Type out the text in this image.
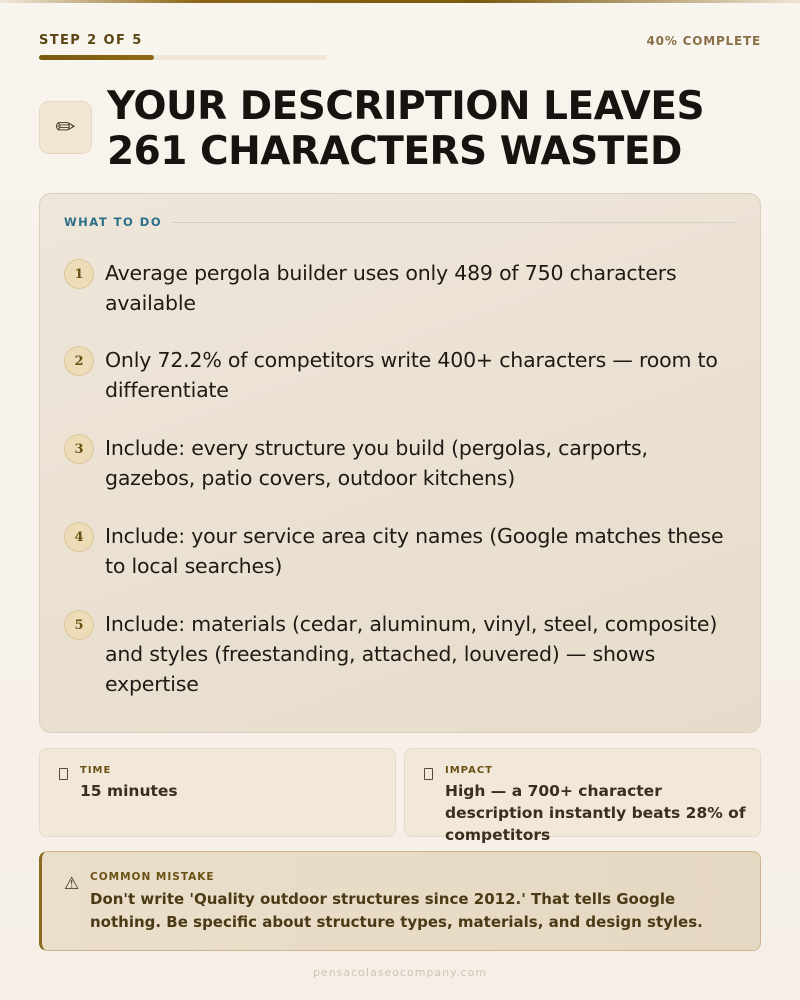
STEP 2 OF 5	40% COMPLETE
✏ YOUR DESCRIPTION LEAVES 261 CHARACTERS WASTED
WHAT TO DO
1	Average pergola builder uses only 489 of 750 characters available
2	Only 72.2% of competitors write 400+ characters — room to differentiate
3	Include: every structure you build (pergolas, carports, gazebos, patio covers, outdoor kitchens)
4	Include: your service area city names (Google matches these to local searches)
5	Include: materials (cedar, aluminum, vinyl, steel, composite) and styles (freestanding, attached, louvered) — shows expertise
TIME
15 minutes
IMPACT
High — a 700+ character description instantly beats 28% of competitors
⚠ COMMON MISTAKE
Don't write 'Quality outdoor structures since 2012.' That tells Google nothing. Be specific about structure types, materials, and design styles.
pensacolaseocompany.com
